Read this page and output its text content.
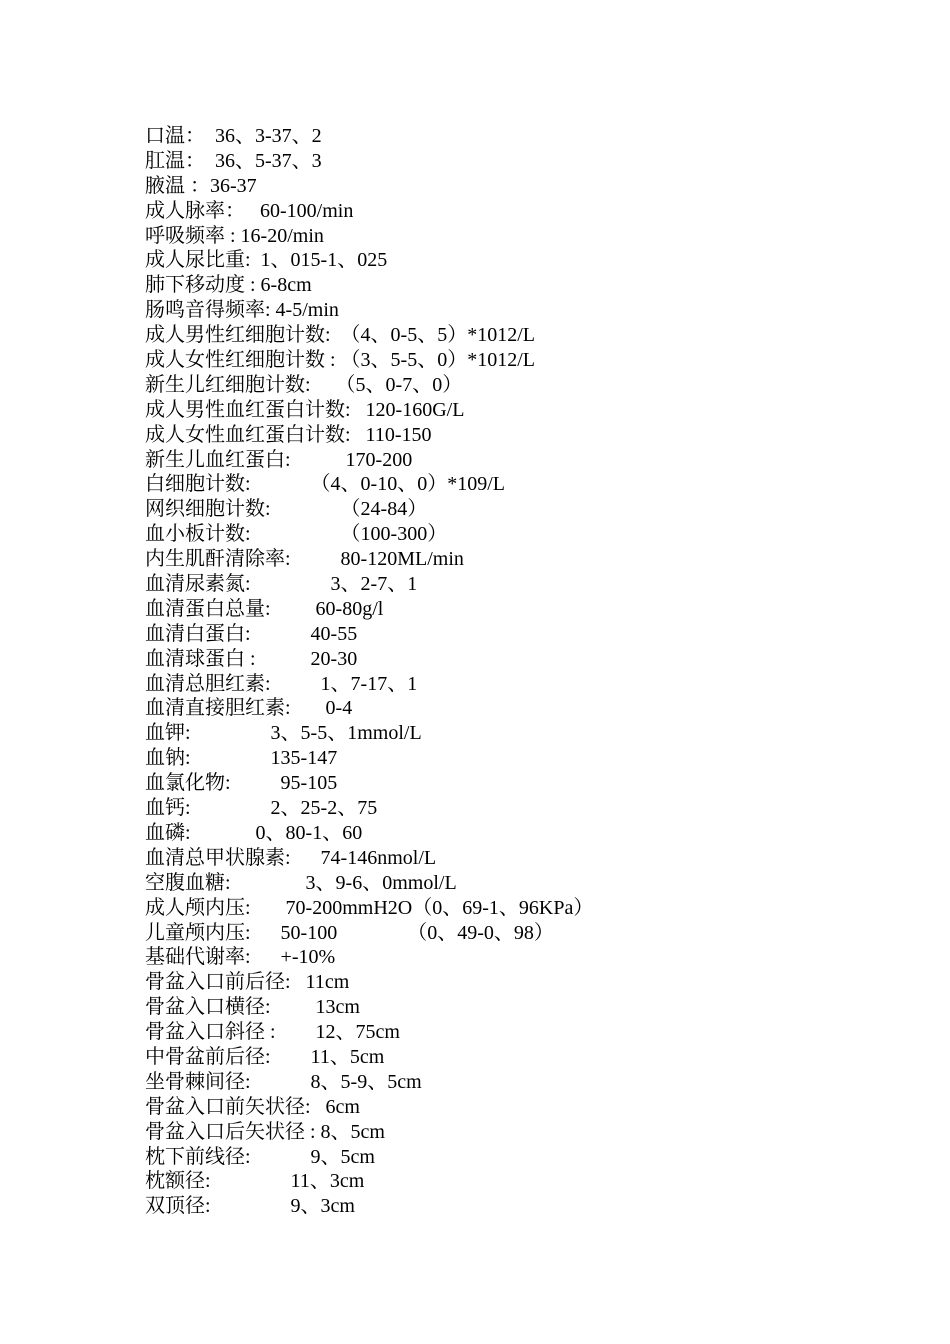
口温：  36、3-37、2
肛温：  36、5-37、3
腋温 ：36-37
成人脉率：   60-100/min
呼吸频率 : 16-20/min
成人尿比重:  1、015-1、025
肺下移动度 : 6-8cm
肠鸣音得频率: 4-5/min
成人男性红细胞计数:  （4、0-5、5）*1012/L
成人女性红细胞计数 : （3、5-5、0）*1012/L
新生儿红细胞计数:     （5、0-7、0）
成人男性血红蛋白计数:   120-160G/L
成人女性血红蛋白计数:   110-150
新生儿血红蛋白:           170-200
白细胞计数:            （4、0-10、0）*109/L
网织细胞计数:              （24-84）
血小板计数:                  （100-300）
内生肌酐清除率:          80-120ML/min
血清尿素氮:                3、2-7、1
血清蛋白总量:         60-80g/l
血清白蛋白:            40-55
血清球蛋白 :           20-30
血清总胆红素:          1、7-17、1
血清直接胆红素:       0-4
血钾:                3、5-5、1mmol/L
血钠:                135-147
血氯化物:          95-105
血钙:                2、25-2、75
血磷:             0、80-1、60
血清总甲状腺素:      74-146nmol/L
空腹血糖:               3、9-6、0mmol/L
成人颅内压:       70-200mmH2O（0、69-1、96KPa）
儿童颅内压:      50-100              （0、49-0、98）
基础代谢率:      +-10%
骨盆入口前后径:   11cm
骨盆入口横径:         13cm
骨盆入口斜径 :        12、75cm
中骨盆前后径:        11、5cm
坐骨棘间径:            8、5-9、5cm
骨盆入口前矢状径:   6cm
骨盆入口后矢状径 : 8、5cm
枕下前线径:            9、5cm
枕额径:                11、3cm
双顶径:                9、3cm
